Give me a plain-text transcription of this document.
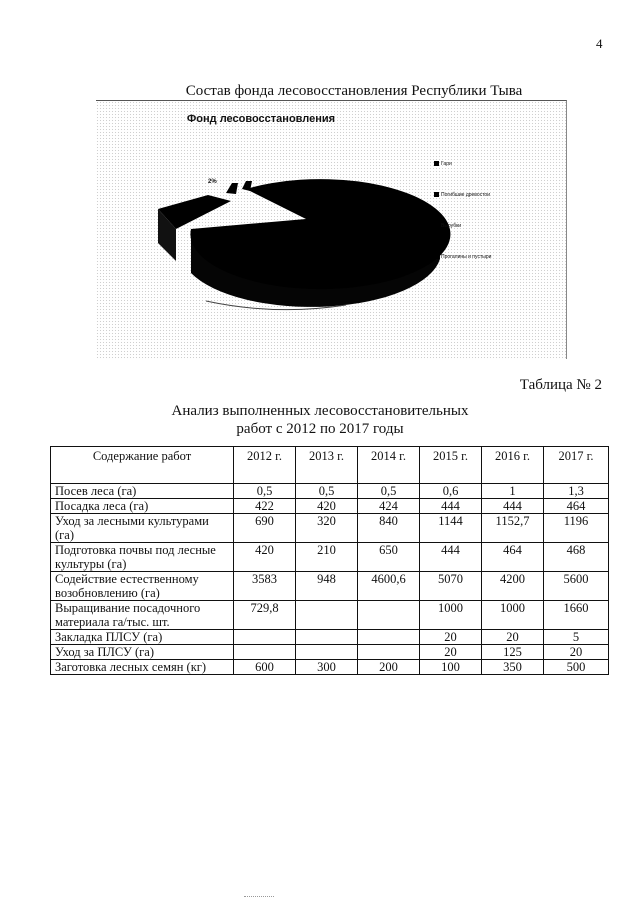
4
Состав фонда лесовосстановления Республики Тыва
Фонд лесовосстановления
2%
Гари
Погибшие древостои
Вырубки
Прогалины и пустыри
Таблица № 2
Анализ выполненных лесовосстановительных
работ с 2012 по 2017 годы
Содержание работ	2012 г.	2013 г.	2014 г.	2015 г.	2016 г.	2017 г.
Посев леса (га)	0,5	0,5	0,5	0,6	1	1,3
Посадка леса (га)	422	420	424	444	444	464
Уход за лесными культурами (га)	690	320	840	1144	1152,7	1196
Подготовка почвы под лесные культуры (га)	420	210	650	444	464	468
Содействие естественному возобновлению (га)	3583	948	4600,6	5070	4200	5600
Выращивание посадочного материала га/тыс. шт.	729,8			1000	1000	1660
Закладка ПЛСУ (га)				20	20	5
Уход за ПЛСУ (га)				20	125	20
Заготовка лесных семян (кг)	600	300	200	100	350	500
